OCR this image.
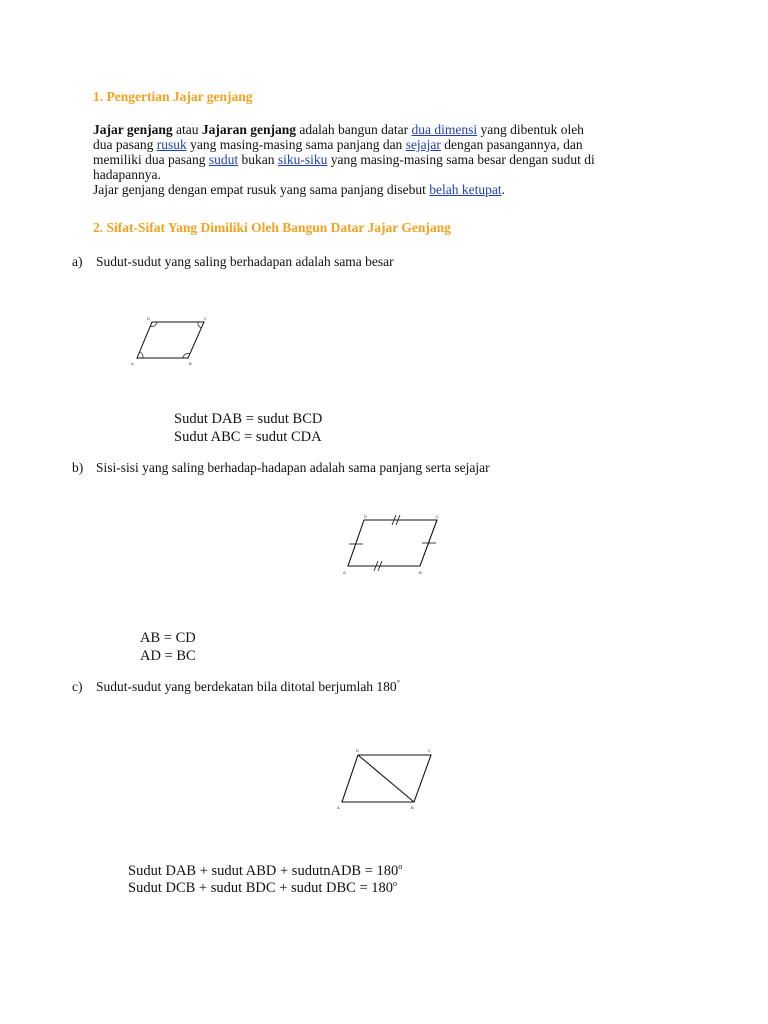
1. Pengertian Jajar genjang
Jajar genjang atau Jajaran genjang adalah bangun datar dua dimensi yang dibentuk oleh
dua pasang rusuk yang masing-masing sama panjang dan sejajar dengan pasangannya, dan
memiliki dua pasang sudut bukan siku-siku yang masing-masing sama besar dengan sudut di
hadapannya.
Jajar genjang dengan empat rusuk yang sama panjang disebut belah ketupat.
2. Sifat-Sifat Yang Dimiliki Oleh Bangun Datar Jajar Genjang
a) Sudut-sudut yang saling berhadapan adalah sama besar
A	B
C
D
Sudut DAB = sudut BCD
Sudut ABC = sudut CDA
b) Sisi-sisi yang saling berhadap-hadapan adalah sama panjang serta sejajar
A	B
C
D
AB = CD
AD = BC
c) Sudut-sudut yang berdekatan bila ditotal berjumlah 180°
A	B
C
D
Sudut DAB + sudut ABD + sudutnADB = $180^o$
Sudut DCB + sudut BDC + sudut DBC = $180^o$
